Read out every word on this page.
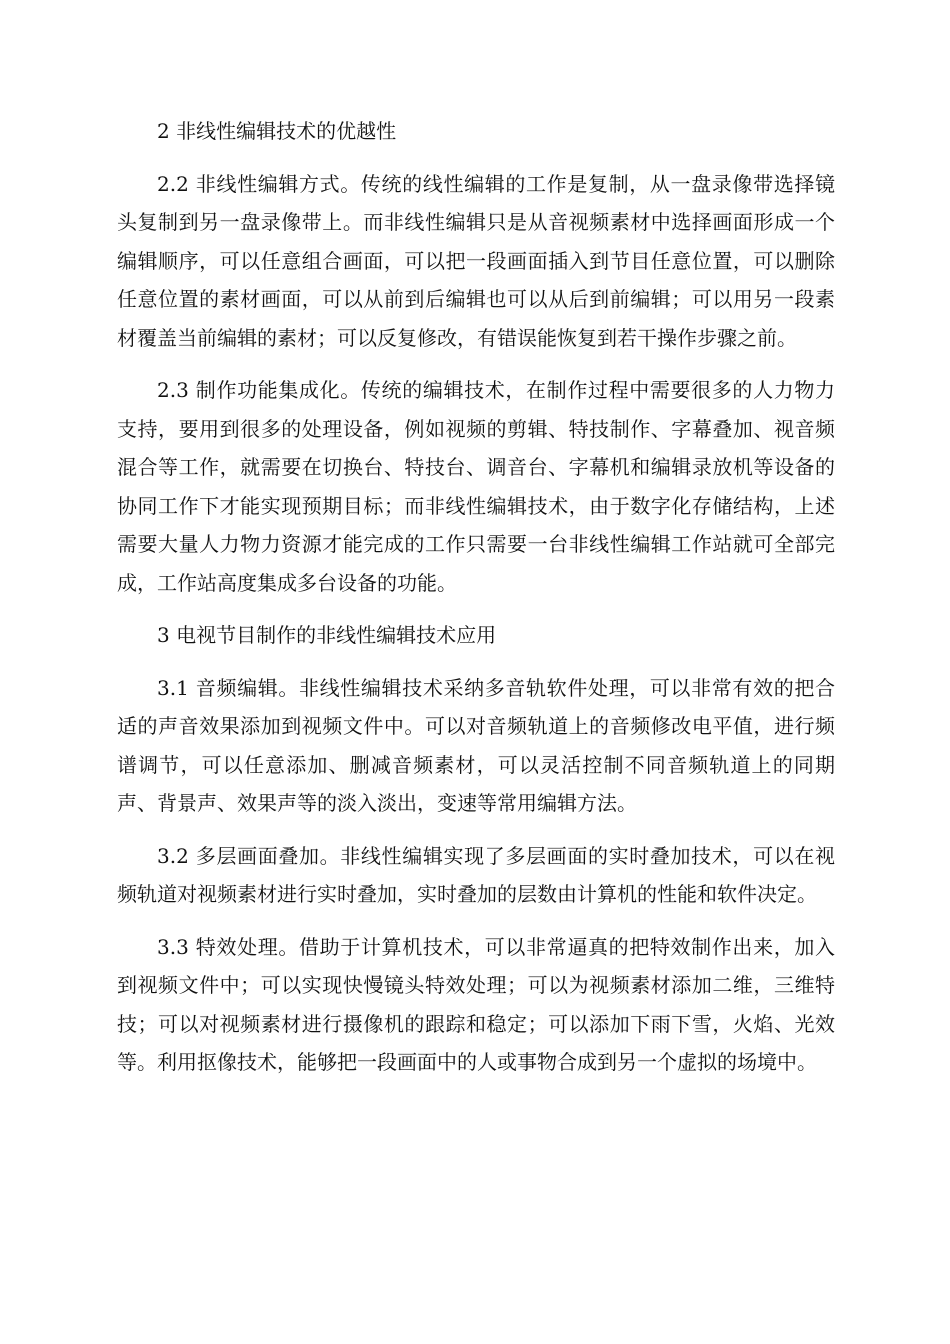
2 非线性编辑技术的优越性

2.2 非线性编辑方式。传统的线性编辑的工作是复制，从一盘录像带选择镜头复制到另一盘录像带上。而非线性编辑只是从音视频素材中选择画面形成一个编辑顺序，可以任意组合画面，可以把一段画面插入到节目任意位置，可以删除任意位置的素材画面，可以从前到后编辑也可以从后到前编辑；可以用另一段素材覆盖当前编辑的素材；可以反复修改，有错误能恢复到若干操作步骤之前。

2.3 制作功能集成化。传统的编辑技术，在制作过程中需要很多的人力物力支持，要用到很多的处理设备，例如视频的剪辑、特技制作、字幕叠加、视音频混合等工作，就需要在切换台、特技台、调音台、字幕机和编辑录放机等设备的协同工作下才能实现预期目标；而非线性编辑技术，由于数字化存储结构，上述需要大量人力物力资源才能完成的工作只需要一台非线性编辑工作站就可全部完成，工作站高度集成多台设备的功能。

3 电视节目制作的非线性编辑技术应用

3.1 音频编辑。非线性编辑技术采纳多音轨软件处理，可以非常有效的把合适的声音效果添加到视频文件中。可以对音频轨道上的音频修改电平值，进行频谱调节，可以任意添加、删减音频素材，可以灵活控制不同音频轨道上的同期声、背景声、效果声等的淡入淡出，变速等常用编辑方法。

3.2 多层画面叠加。非线性编辑实现了多层画面的实时叠加技术，可以在视频轨道对视频素材进行实时叠加，实时叠加的层数由计算机的性能和软件决定。

3.3 特效处理。借助于计算机技术，可以非常逼真的把特效制作出来，加入到视频文件中；可以实现快慢镜头特效处理；可以为视频素材添加二维，三维特技；可以对视频素材进行摄像机的跟踪和稳定；可以添加下雨下雪，火焰、光效等。利用抠像技术，能够把一段画面中的人或事物合成到另一个虚拟的场境中。
